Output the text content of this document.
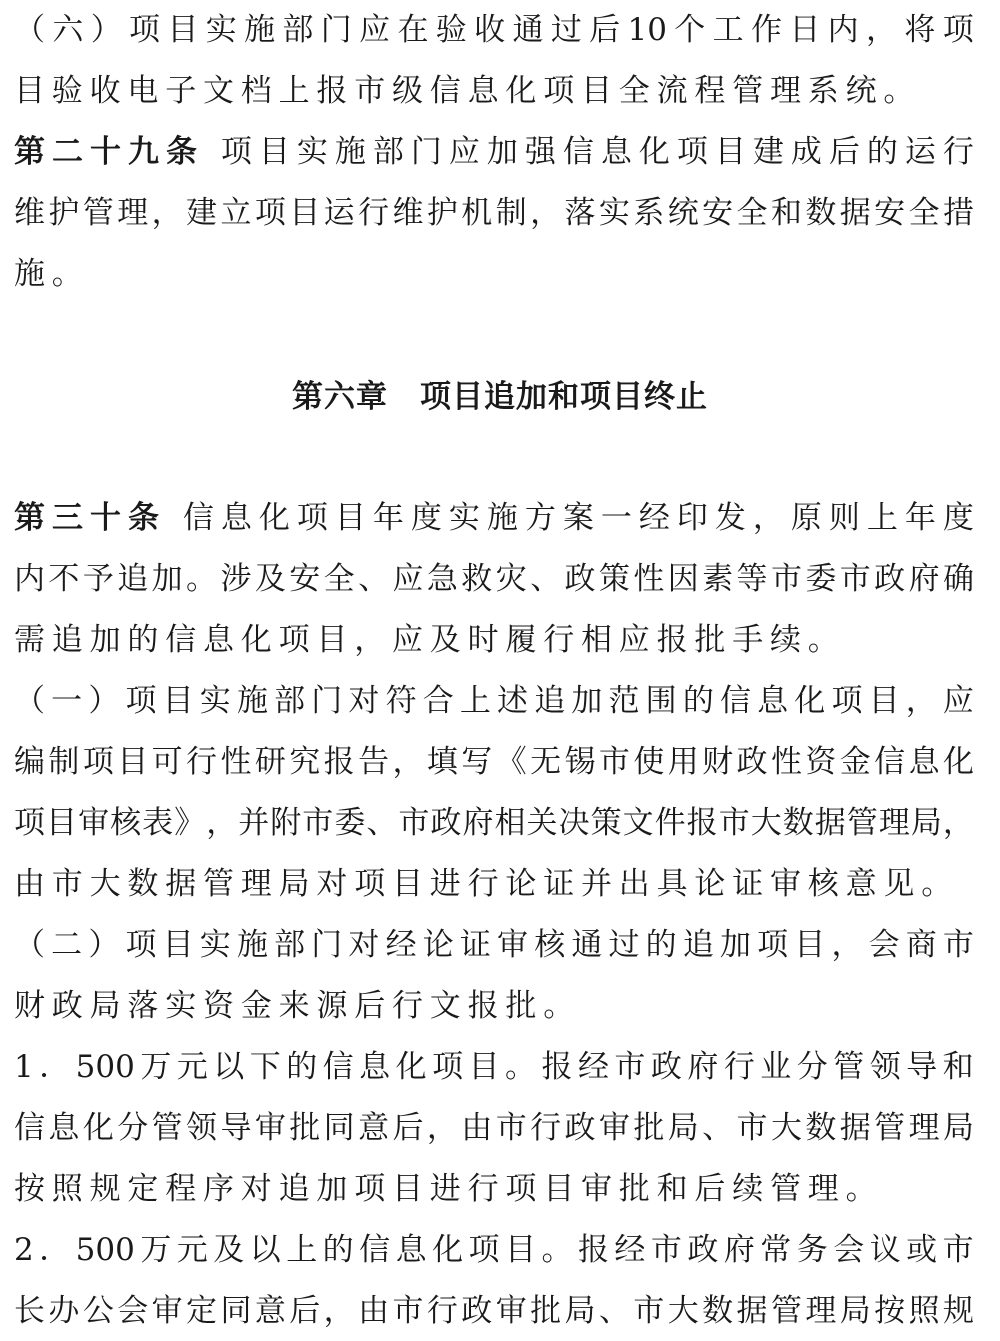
（ 六 ） 项 目 实 施 部 门 应 在 验 收 通 过 后 10 个 工 作 日 内 ， 将 项
目验收电子文档上报市级信息化项目全流程管理系统。
第 二 十 九 条
项 目 实 施 部 门 应 加 强 信 息 化 项 目 建 成 后 的 运 行
维 护 管 理 ， 建 立 项 目 运 行 维 护 机 制 ， 落 实 系 统 安 全 和 数 据 安 全 措
施。
第六章　项目追加和项目终止
第 三 十 条
信 息 化 项 目 年 度 实 施 方 案 一 经 印 发 ， 原 则 上 年 度
内 不 予 追 加 。 涉 及 安 全 、 应 急 救 灾 、 政 策 性 因 素 等 市 委 市 政 府 确
需追加的信息化项目，应及时履行相应报批手续。
（ 一 ） 项 目 实 施 部 门 对 符 合 上 述 追 加 范 围 的 信 息 化 项 目 ， 应
编 制 项 目 可 行 性 研 究 报 告 ， 填 写 《 无 锡 市 使 用 财 政 性 资 金 信 息 化
项 目 审 核 表 》 ， 并 附 市 委 、 市 政 府 相 关 决 策 文 件 报 市 大 数 据 管 理 局 ，
由市大数据管理局对项目进行论证并出具论证审核意见。
（ 二 ） 项 目 实 施 部 门 对 经 论 证 审 核 通 过 的 追 加 项 目 ， 会 商 市
财政局落实资金来源后行文报批。
1 ． 500 万 元 以 下 的 信 息 化 项 目 。 报 经 市 政 府 行 业 分 管 领 导 和
信 息 化 分 管 领 导 审 批 同 意 后 ， 由 市 行 政 审 批 局 、 市 大 数 据 管 理 局
按照规定程序对追加项目进行项目审批和后续管理。
2 ． 500 万 元 及 以 上 的 信 息 化 项 目 。 报 经 市 政 府 常 务 会 议 或 市
长 办 公 会 审 定 同 意 后 ， 由 市 行 政 审 批 局 、 市 大 数 据 管 理 局 按 照 规
